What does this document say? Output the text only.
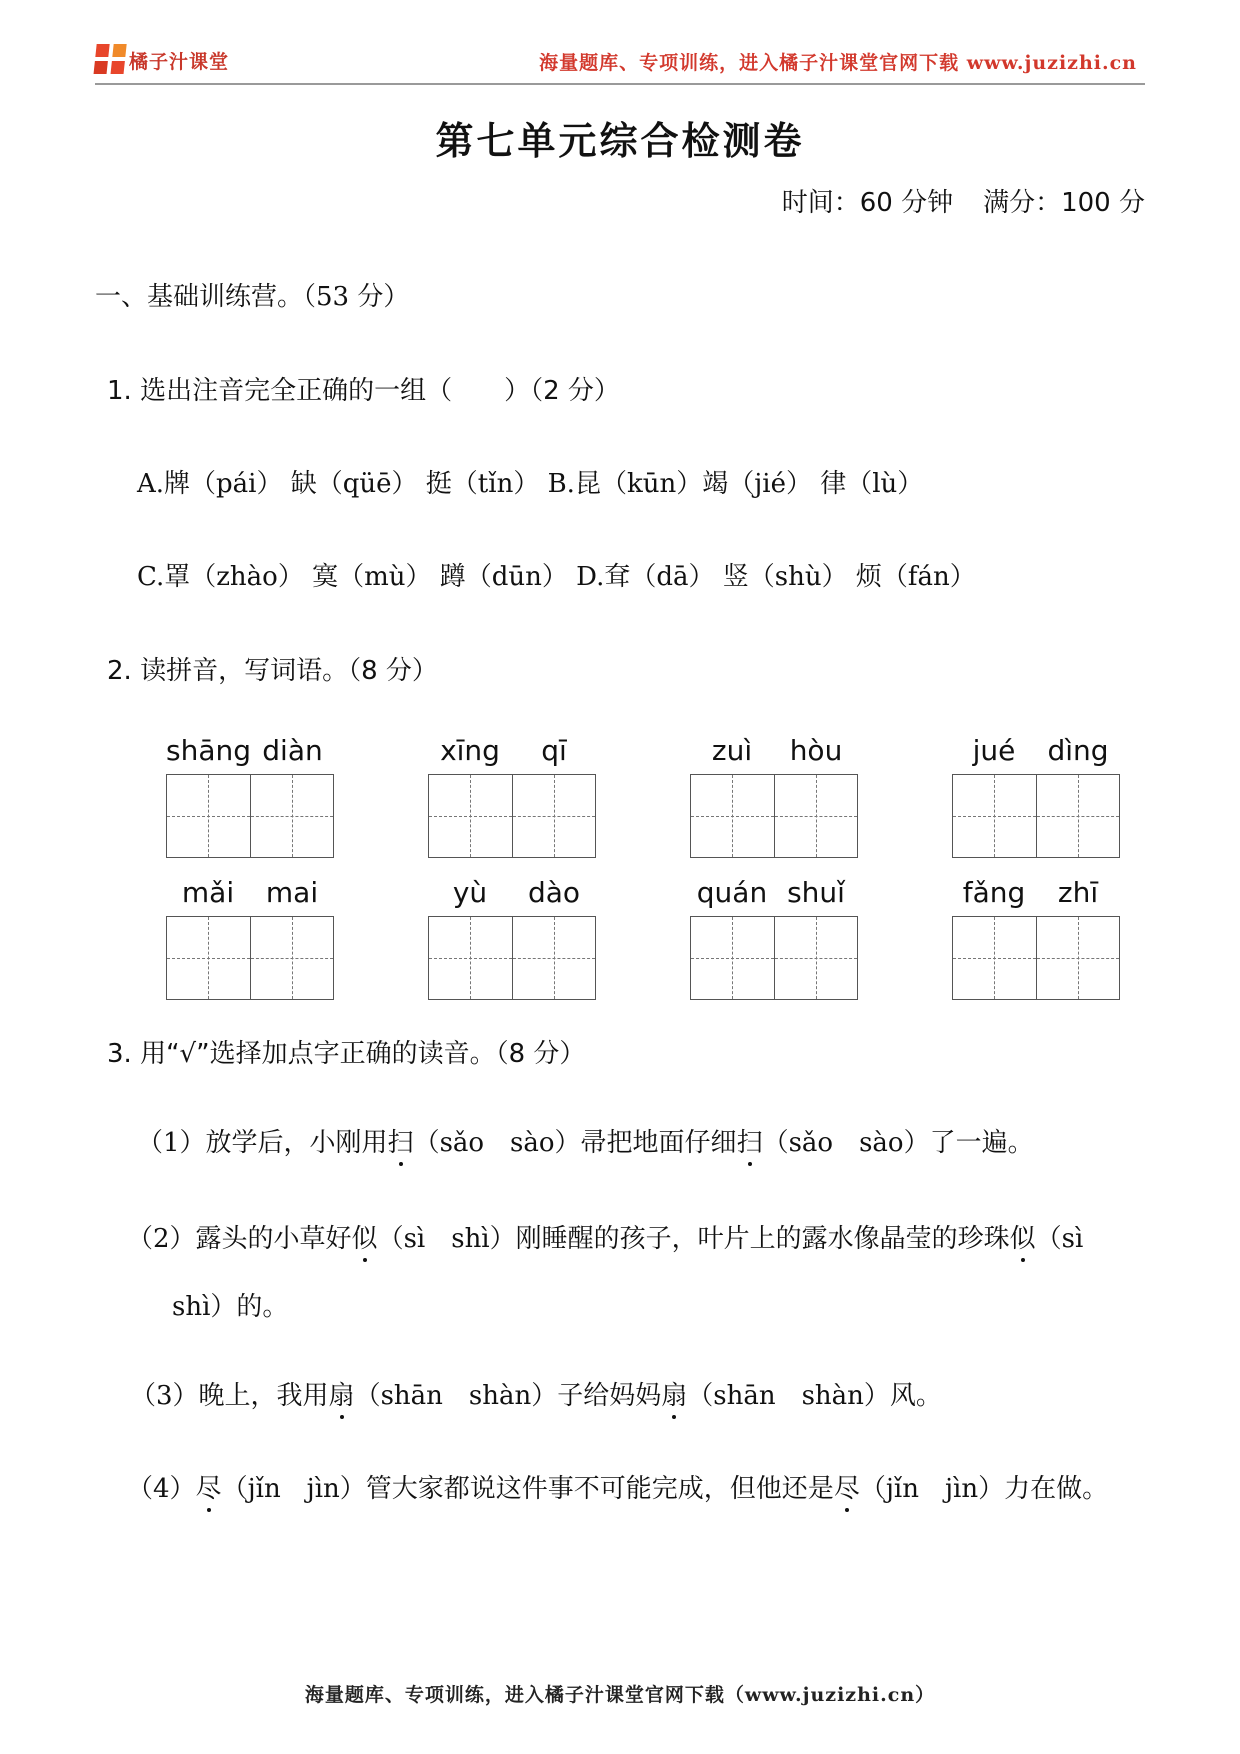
橘子汁课堂	海量题库、专项训练，进入橘子汁课堂官网下载 www.juzizhi.cn
第七单元综合检测卷
时间：60 分钟 满分：100 分
一、基础训练营。（53 分）
1. 选出注音完全正确的一组（　　）（2 分）
A.牌（pái） 缺（qüē） 挺（tǐn） B.昆（kūn）竭（jié） 律（lù）
C.罩（zhào） 寞（mù） 蹲（dūn） D.耷（dā） 竖（shù） 烦（fán）
2. 读拼音，写词语。（8 分）
shāng diàn	xīng	qī	zuì	hòu	jué	dìng
mǎi	mai	yù	dào	quán shuǐ	fǎng	zhī
3. 用“√”选择加点字正确的读音。（8 分）
（1）放学后，小刚用扫（sǎo　sào）帚把地面仔细扫（sǎo　sào）了一遍。
（2）露头的小草好似（sì　shì）刚睡醒的孩子，叶片上的露水像晶莹的珍珠似（sì
shì）的。
（3）晚上，我用扇（shān　shàn）子给妈妈扇（shān　shàn）风。
（4）尽（jǐn　jìn）管大家都说这件事不可能完成，但他还是尽（jǐn　jìn）力在做。
海量题库、专项训练，进入橘子汁课堂官网下载（www.juzizhi.cn）
